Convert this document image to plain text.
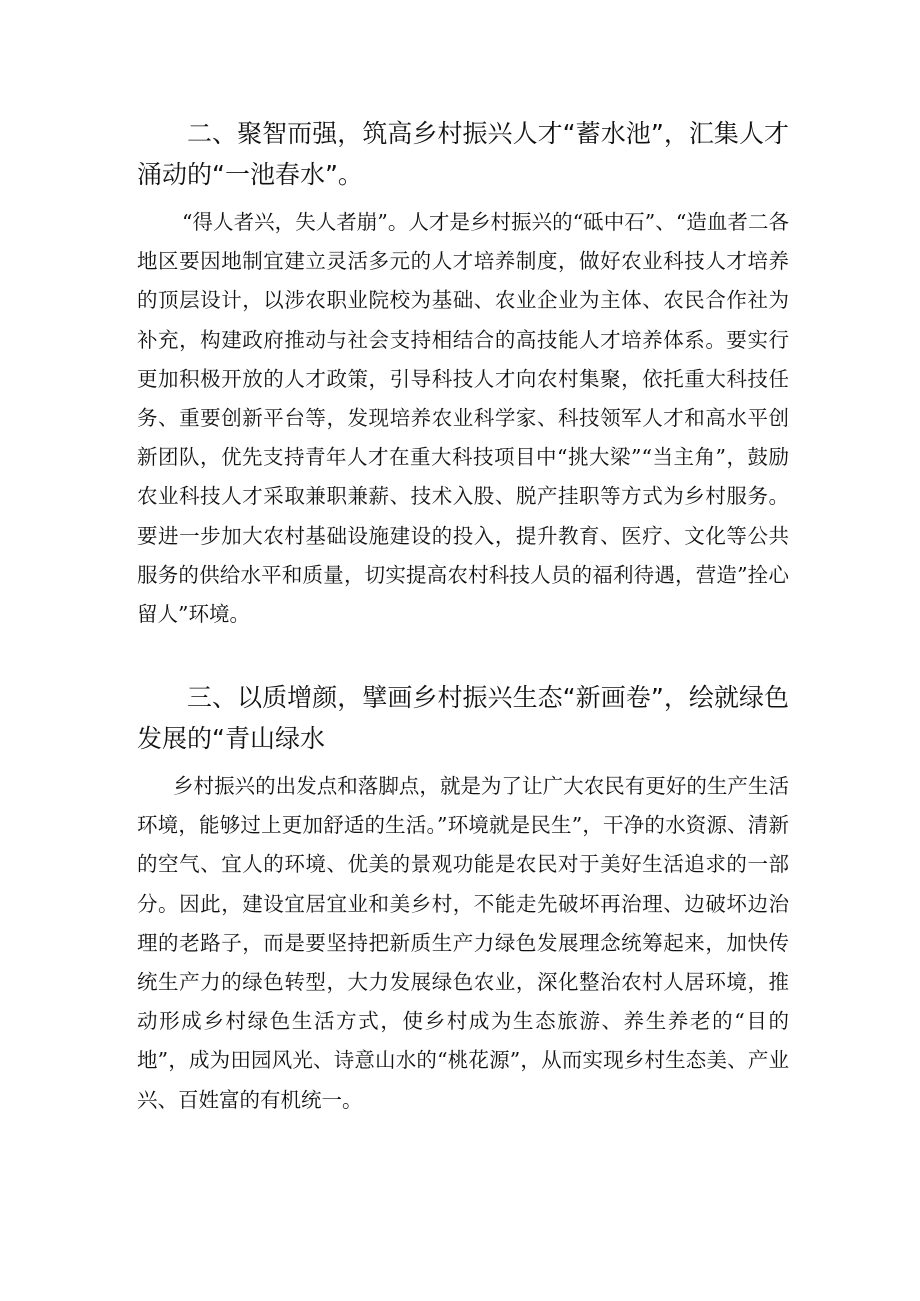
二、聚智而强，筑高乡村振兴人才“蓄水池”，汇集人才涌动的“一池春水”。

“得人者兴，失人者崩”。人才是乡村振兴的“砥中石”、“造血者二各地区要因地制宜建立灵活多元的人才培养制度，做好农业科技人才培养的顶层设计，以涉农职业院校为基础、农业企业为主体、农民合作社为补充，构建政府推动与社会支持相结合的高技能人才培养体系。要实行更加积极开放的人才政策，引导科技人才向农村集聚，依托重大科技任务、重要创新平台等，发现培养农业科学家、科技领军人才和高水平创新团队，优先支持青年人才在重大科技项目中“挑大梁”“当主角”，鼓励农业科技人才采取兼职兼薪、技术入股、脱产挂职等方式为乡村服务。要进一步加大农村基础设施建设的投入，提升教育、医疗、文化等公共服务的供给水平和质量，切实提高农村科技人员的福利待遇，营造”拴心留人”环境。

三、以质增颜，擘画乡村振兴生态“新画卷”，绘就绿色发展的“青山绿水

乡村振兴的出发点和落脚点，就是为了让广大农民有更好的生产生活环境，能够过上更加舒适的生活。”环境就是民生”，干净的水资源、清新的空气、宜人的环境、优美的景观功能是农民对于美好生活追求的一部分。因此，建设宜居宜业和美乡村，不能走先破坏再治理、边破坏边治理的老路子，而是要坚持把新质生产力绿色发展理念统筹起来，加快传统生产力的绿色转型，大力发展绿色农业，深化整治农村人居环境，推动形成乡村绿色生活方式，使乡村成为生态旅游、养生养老的“目的地”，成为田园风光、诗意山水的“桃花源”，从而实现乡村生态美、产业兴、百姓富的有机统一。
